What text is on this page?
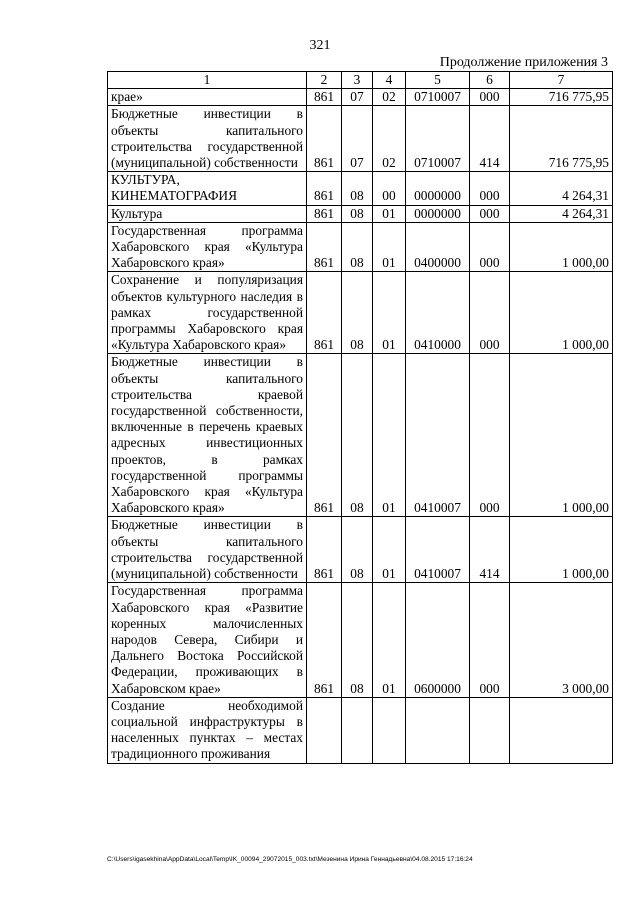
321
Продолжение приложения 3
1	2	3	4	5	6	7
крае»	861	07	02	0710007	000	716 775,95
Бюджетные инвестиции в объекты капитального строительства государственной (муниципальной) собственности	861	07	02	0710007	414	716 775,95
КУЛЬТУРА, КИНЕМАТОГРАФИЯ	861	08	00	0000000	000	4 264,31
Культура	861	08	01	0000000	000	4 264,31
Государственная программа Хабаровского края «Культура Хабаровского края»	861	08	01	0400000	000	1 000,00
Сохранение и популяризация объектов культурного наследия в рамках государственной программы Хабаровского края «Культура Хабаровского края»	861	08	01	0410000	000	1 000,00
Бюджетные инвестиции в объекты капитального строительства краевой государственной собственности, включенные в перечень краевых адресных инвестиционных проектов, в рамках государственной программы Хабаровского края «Культура Хабаровского края»	861	08	01	0410007	000	1 000,00
Бюджетные инвестиции в объекты капитального строительства государственной (муниципальной) собственности	861	08	01	0410007	414	1 000,00
Государственная программа Хабаровского края «Развитие коренных малочисленных народов Севера, Сибири и Дальнего Востока Российской Федерации, проживающих в Хабаровском крае»	861	08	01	0600000	000	3 000,00
Создание необходимой социальной инфраструктуры в населенных пунктах – местах традиционного проживания						
C:\Users\igasekhina\AppData\Local\Temp\IK_00094_29072015_003.txt\Мезенина Ирина Геннадьевна\04.08.2015 17:16:24
